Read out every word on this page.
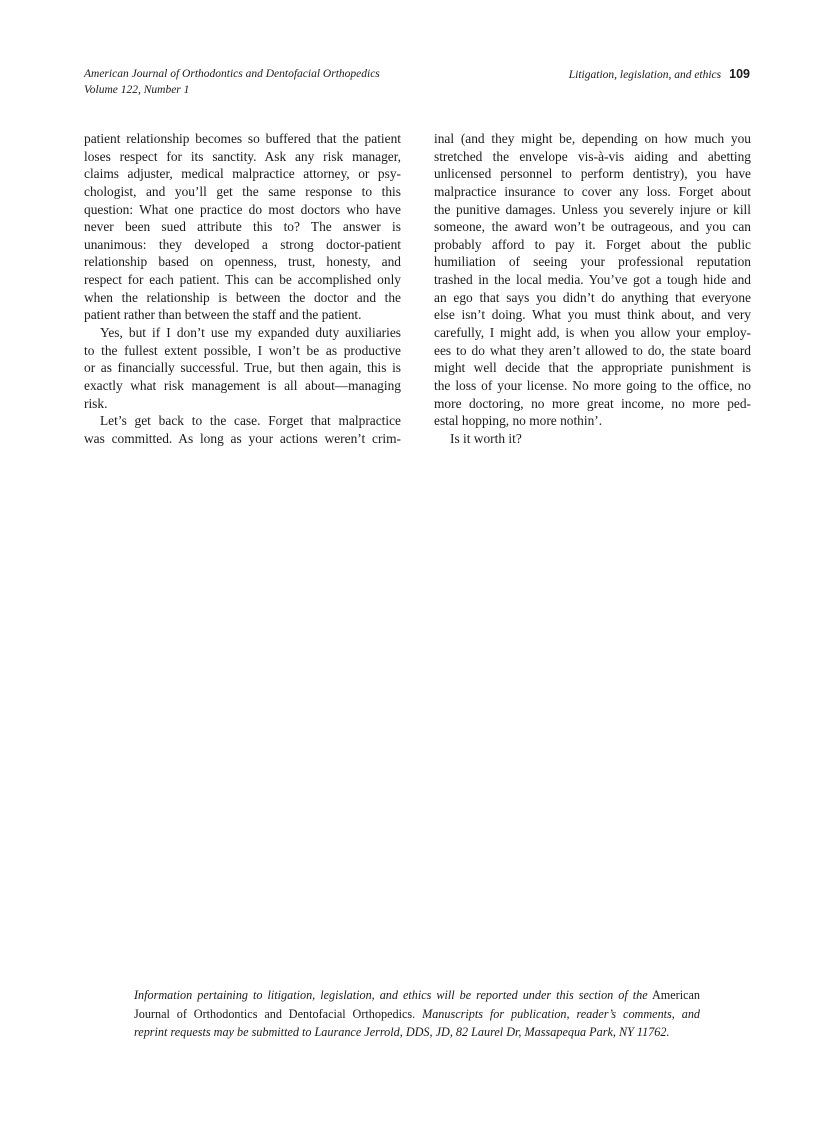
American Journal of Orthodontics and Dentofacial Orthopedics
Volume 122, Number 1
Litigation, legislation, and ethics 109
patient relationship becomes so buffered that the patient
loses respect for its sanctity. Ask any risk manager,
claims adjuster, medical malpractice attorney, or psy-
chologist, and you’ll get the same response to this
question: What one practice do most doctors who have
never been sued attribute this to? The answer is
unanimous: they developed a strong doctor-patient
relationship based on openness, trust, honesty, and
respect for each patient. This can be accomplished only
when the relationship is between the doctor and the
patient rather than between the staff and the patient.
Yes, but if I don’t use my expanded duty auxiliaries
to the fullest extent possible, I won’t be as productive
or as financially successful. True, but then again, this is
exactly what risk management is all about—managing
risk.
Let’s get back to the case. Forget that malpractice
was committed. As long as your actions weren’t crim-
inal (and they might be, depending on how much you
stretched the envelope vis-à-vis aiding and abetting
unlicensed personnel to perform dentistry), you have
malpractice insurance to cover any loss. Forget about
the punitive damages. Unless you severely injure or kill
someone, the award won’t be outrageous, and you can
probably afford to pay it. Forget about the public
humiliation of seeing your professional reputation
trashed in the local media. You’ve got a tough hide and
an ego that says you didn’t do anything that everyone
else isn’t doing. What you must think about, and very
carefully, I might add, is when you allow your employ-
ees to do what they aren’t allowed to do, the state board
might well decide that the appropriate punishment is
the loss of your license. No more going to the office, no
more doctoring, no more great income, no more ped-
estal hopping, no more nothin’.
Is it worth it?
Information pertaining to litigation, legislation, and ethics will be reported under this section of the American
Journal of Orthodontics and Dentofacial Orthopedics. Manuscripts for publication, reader’s comments, and
reprint requests may be submitted to Laurance Jerrold, DDS, JD, 82 Laurel Dr, Massapequa Park, NY 11762.
